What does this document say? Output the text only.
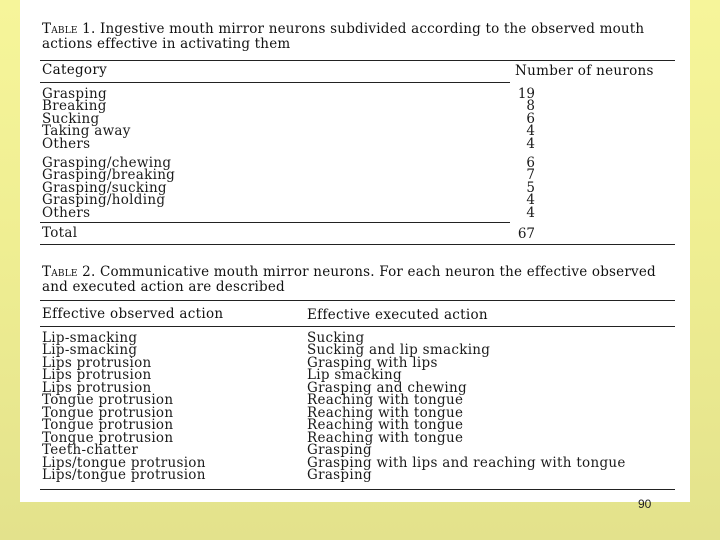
Table 1. Ingestive mouth mirror neurons subdivided according to the observed mouth actions effective in activating them
Category	Number of neurons
Grasping	19
Breaking	8
Sucking	6
Taking away	4
Others	4
Grasping/chewing	6
Grasping/breaking	7
Grasping/sucking	5
Grasping/holding	4
Others	4
Total	67
Table 2. Communicative mouth mirror neurons. For each neuron the effective observed and executed action are described
Effective observed action	Effective executed action
Lip-smacking	Sucking
Lip-smacking	Sucking and lip smacking
Lips protrusion	Grasping with lips
Lips protrusion	Lip smacking
Lips protrusion	Grasping and chewing
Tongue protrusion	Reaching with tongue
Tongue protrusion	Reaching with tongue
Tongue protrusion	Reaching with tongue
Tongue protrusion	Reaching with tongue
Teeth-chatter	Grasping
Lips/tongue protrusion	Grasping with lips and reaching with tongue
Lips/tongue protrusion	Grasping
90
